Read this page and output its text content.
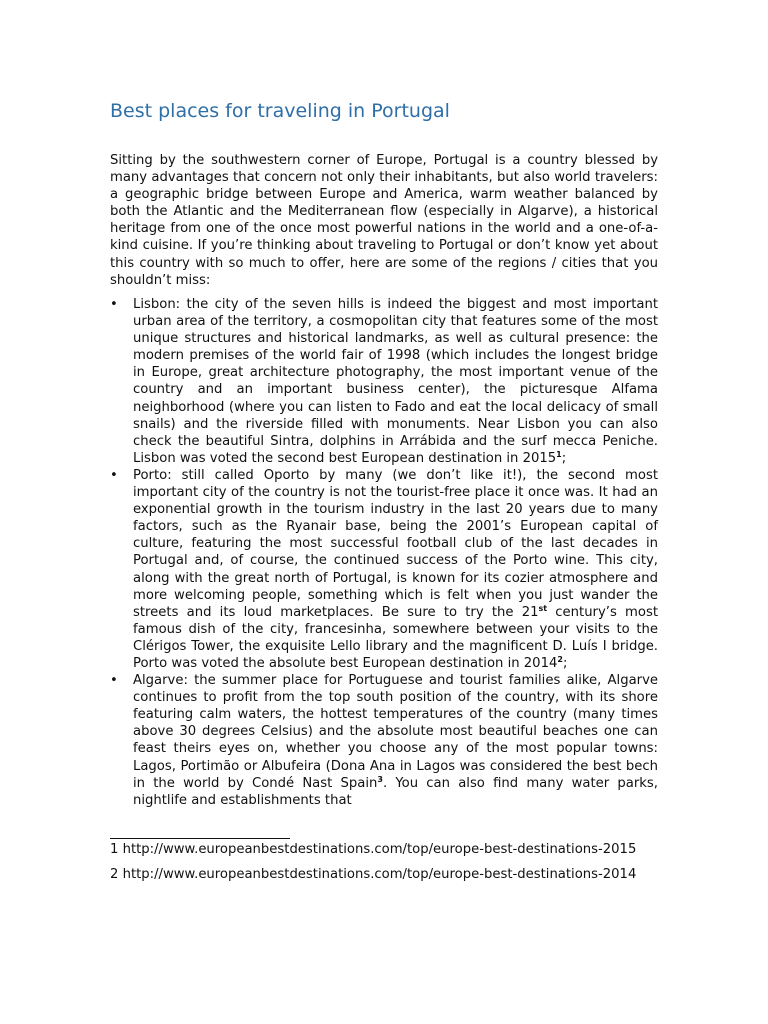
Best places for traveling in Portugal

Sitting by the southwestern corner of Europe, Portugal is a country blessed by many advantages that concern not only their inhabitants, but also world travelers: a geographic bridge between Europe and America, warm weather balanced by both the Atlantic and the Mediterranean flow (especially in Algarve), a historical heritage from one of the once most powerful nations in the world and a one-of-a-kind cuisine. If you’re thinking about traveling to Portugal or don’t know yet about this country with so much to offer, here are some of the regions / cities that you shouldn’t miss:

• Lisbon: the city of the seven hills is indeed the biggest and most important urban area of the territory, a cosmopolitan city that features some of the most unique structures and historical landmarks, as well as cultural presence: the modern premises of the world fair of 1998 (which includes the longest bridge in Europe, great architecture photography, the most important venue of the country and an important business center), the picturesque Alfama neighborhood (where you can listen to Fado and eat the local delicacy of small snails) and the riverside filled with monuments. Near Lisbon you can also check the beautiful Sintra, dolphins in Arrábida and the surf mecca Peniche. Lisbon was voted the second best European destination in 2015$^1$;
• Porto: still called Oporto by many (we don’t like it!), the second most important city of the country is not the tourist-free place it once was. It had an exponential growth in the tourism industry in the last 20 years due to many factors, such as the Ryanair base, being the 2001’s European capital of culture, featuring the most successful football club of the last decades in Portugal and, of course, the continued success of the Porto wine. This city, along with the great north of Portugal, is known for its cozier atmosphere and more welcoming people, something which is felt when you just wander the streets and its loud marketplaces. Be sure to try the 21st century’s most famous dish of the city, francesinha, somewhere between your visits to the Clérigos Tower, the exquisite Lello library and the magnificent D. Luís I bridge. Porto was voted the absolute best European destination in 2014$^2$;
• Algarve: the summer place for Portuguese and tourist families alike, Algarve continues to profit from the top south position of the country, with its shore featuring calm waters, the hottest temperatures of the country (many times above 30 degrees Celsius) and the absolute most beautiful beaches one can feast theirs eyes on, whether you choose any of the most popular towns: Lagos, Portimão or Albufeira (Dona Ana in Lagos was considered the best bech in the world by Condé Nast Spain$^3$. You can also find many water parks, nightlife and establishments that

1 http://www.europeanbestdestinations.com/top/europe-best-destinations-2015

2 http://www.europeanbestdestinations.com/top/europe-best-destinations-2014
